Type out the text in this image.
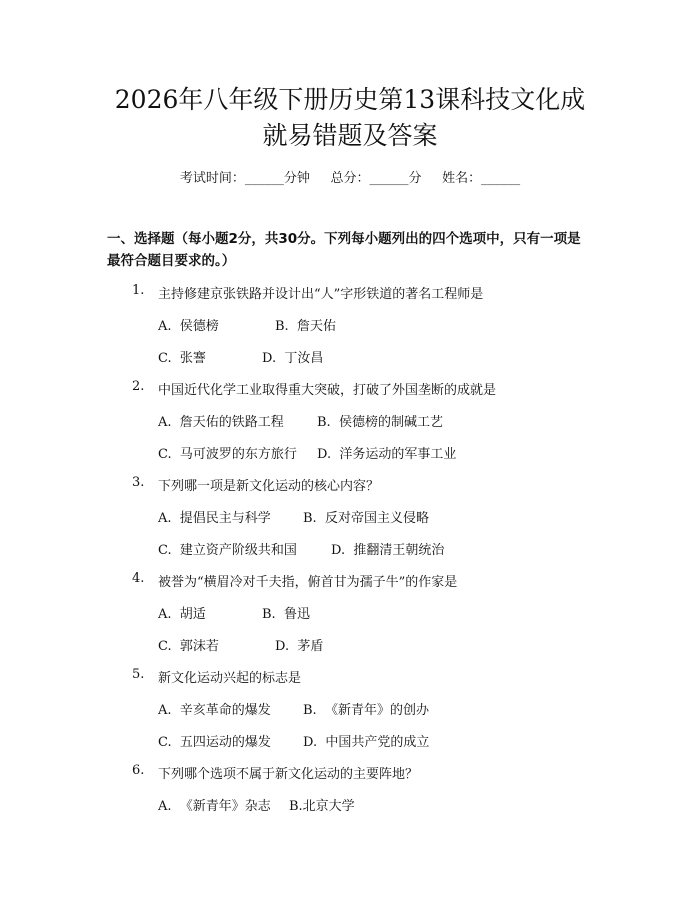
2026年八年级下册历史第13课科技文化成
就易错题及答案
考试时间：______分钟     总分：______分     姓名：______
一、选择题（每小题2分，共30分。下列每小题列出的四个选项中，只有一项是
最符合题目要求的。）
1. 主持修建京张铁路并设计出“人”字形铁道的著名工程师是
A.  侯德榜	B.  詹天佑
C.  张謇	D.  丁汝昌
2. 中国近代化学工业取得重大突破，打破了外国垄断的成就是
A.  詹天佑的铁路工程	B.  侯德榜的制碱工艺
C.  马可波罗的东方旅行 D.  洋务运动的军事工业
3. 下列哪一项是新文化运动的核心内容？
A.  提倡民主与科学 B.  反对帝国主义侵略
C.  建立资产阶级共和国	D.  推翻清王朝统治
4. 被誉为“横眉冷对千夫指，俯首甘为孺子牛”的作家是
A.  胡适	B.  鲁迅
C.  郭沫若	D.  茅盾
5. 新文化运动兴起的标志是
A.  辛亥革命的爆发 B.  《新青年》的创办
C.  五四运动的爆发 D.  中国共产党的成立
6. 下列哪个选项不属于新文化运动的主要阵地？
A.  《新青年》杂志 B.北京大学
